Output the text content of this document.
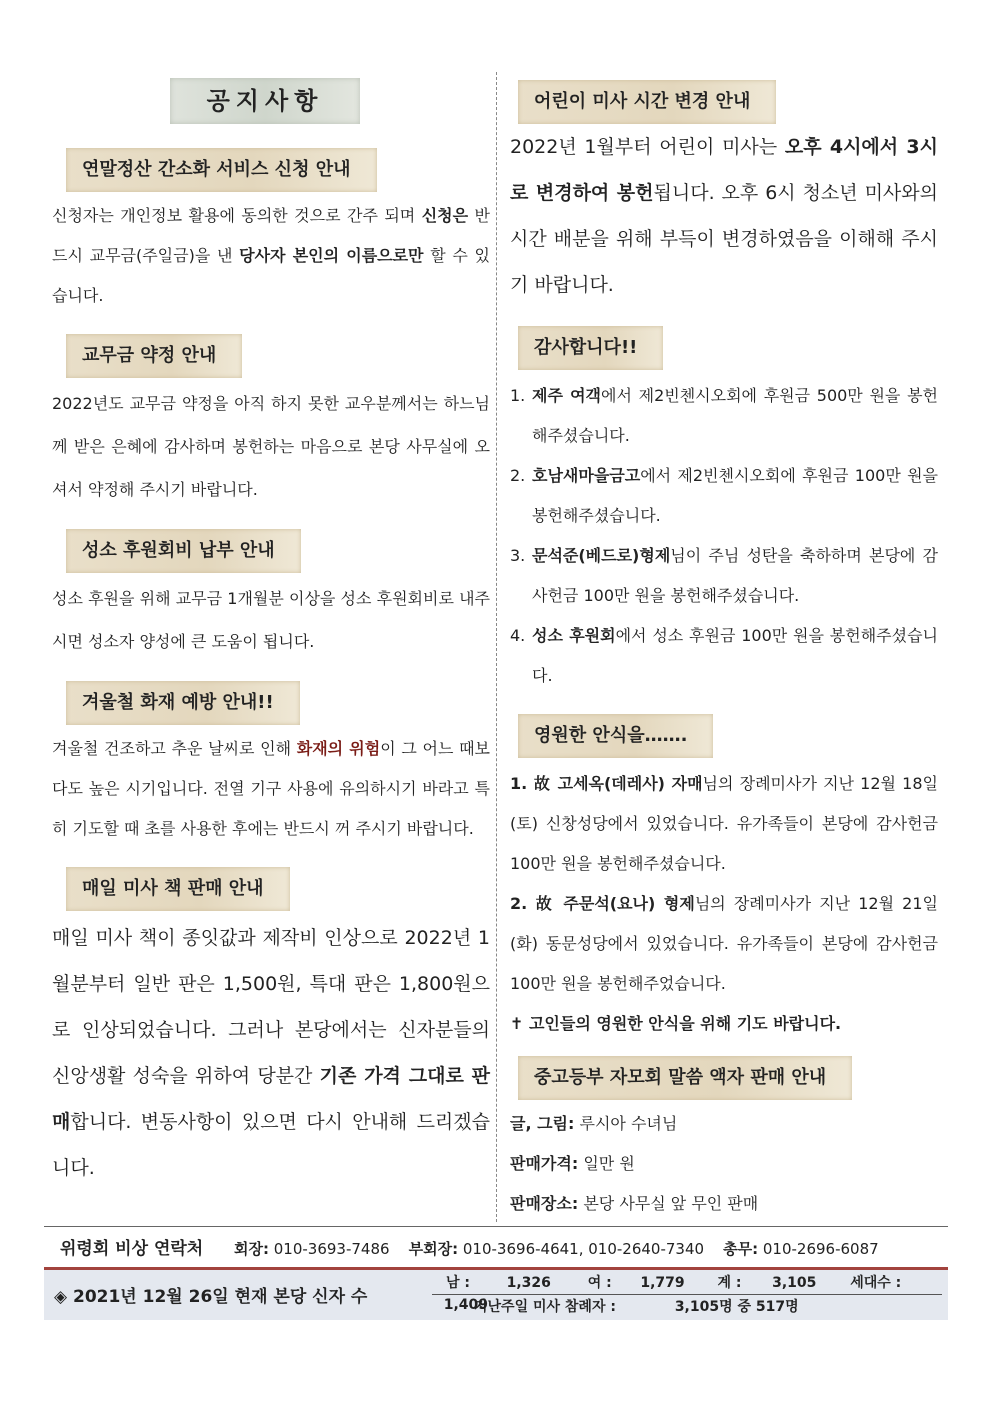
공지사항
연말정산 간소화 서비스 신청 안내
신청자는 개인정보 활용에 동의한 것으로 간주 되며 신청은 반드시 교무금(주일금)을 낸 당사자 본인의 이름으로만 할 수 있습니다.
교무금 약정 안내
2022년도 교무금 약정을 아직 하지 못한 교우분께서는 하느님께 받은 은혜에 감사하며 봉헌하는 마음으로 본당 사무실에 오셔서 약정해 주시기 바랍니다.
성소 후원회비 납부 안내
성소 후원을 위해 교무금 1개월분 이상을 성소 후원회비로 내주시면 성소자 양성에 큰 도움이 됩니다.
겨울철 화재 예방 안내!!
겨울철 건조하고 추운 날씨로 인해 화재의 위험이 그 어느 때보다도 높은 시기입니다. 전열 기구 사용에 유의하시기 바라고 특히 기도할 때 초를 사용한 후에는 반드시 꺼 주시기 바랍니다.
매일 미사 책 판매 안내
매일 미사 책이 종잇값과 제작비 인상으로 2022년 1월분부터 일반 판은 1,500원, 특대 판은 1,800원으로 인상되었습니다. 그러나 본당에서는 신자분들의 신앙생활 성숙을 위하여 당분간 기존 가격 그대로 판매합니다. 변동사항이 있으면 다시 안내해 드리겠습니다.
어린이 미사 시간 변경 안내
2022년 1월부터 어린이 미사는 오후 4시에서 3시로 변경하여 봉헌됩니다. 오후 6시 청소년 미사와의 시간 배분을 위해 부득이 변경하였음을 이해해 주시기 바랍니다.
감사합니다!!
1. 제주 여객에서 제2빈첸시오회에 후원금 500만 원을 봉헌해주셨습니다.
2. 호남새마을금고에서 제2빈첸시오회에 후원금 100만 원을 봉헌해주셨습니다.
3. 문석준(베드로)형제님이 주님 성탄을 축하하며 본당에 감사헌금 100만 원을 봉헌해주셨습니다.
4. 성소 후원회에서 성소 후원금 100만 원을 봉헌해주셨습니다.
영원한 안식을…….
1. 故 고세옥(데레사) 자매님의 장례미사가 지난 12월 18일(토) 신창성당에서 있었습니다. 유가족들이 본당에 감사헌금 100만 원을 봉헌해주셨습니다.
2. 故 주문석(요나) 형제님의 장례미사가 지난 12월 21일(화) 동문성당에서 있었습니다. 유가족들이 본당에 감사헌금 100만 원을 봉헌해주었습니다.
✝ 고인들의 영원한 안식을 위해 기도 바랍니다.
중고등부 자모회 말씀 액자 판매 안내
글, 그림: 루시아 수녀님
판매가격: 일만 원
판매장소: 본당 사무실 앞 무인 판매
위령회 비상 연락처 회장: 010-3693-7486 부회장: 010-3696-4641, 010-2640-7340 총무: 010-2696-6087
◈ 2021년 12월 26일 현재 본당 신자 수
남 :	1,326	여 : 1,779 계 : 3,105 세대수 : 1,409
지난주일 미사 참례자 :	3,105명 중 517명
